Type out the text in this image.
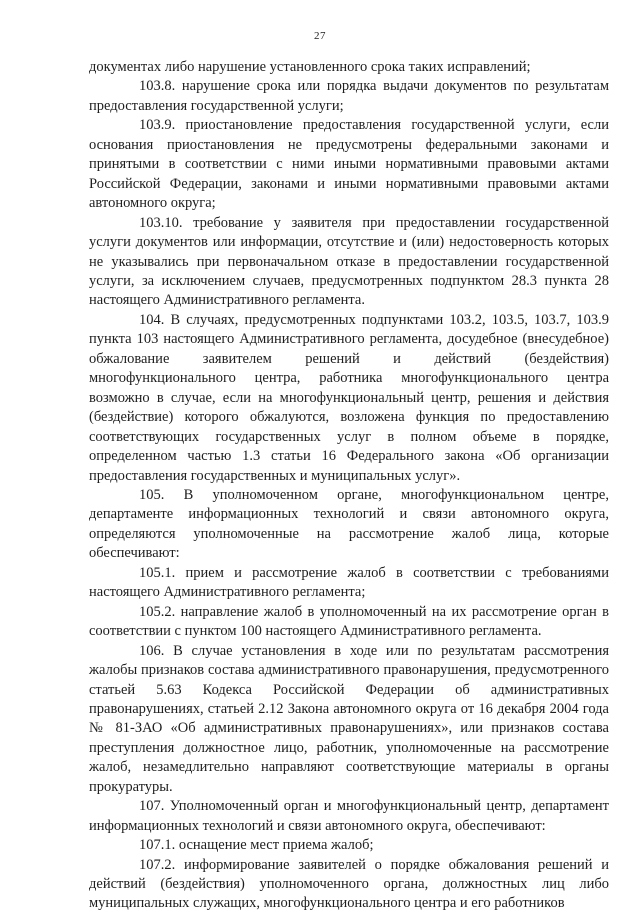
27

документах либо нарушение установленного срока таких исправлений;

103.8. нарушение срока или порядка выдачи документов по результатам предоставления государственной услуги;

103.9. приостановление предоставления государственной услуги, если основания приостановления не предусмотрены федеральными законами и принятыми в соответствии с ними иными нормативными правовыми актами Российской Федерации, законами и иными нормативными правовыми актами автономного округа;

103.10. требование у заявителя при предоставлении государственной услуги документов или информации, отсутствие и (или) недостоверность которых не указывались при первоначальном отказе в предоставлении государственной услуги, за исключением случаев, предусмотренных подпунктом 28.3 пункта 28 настоящего Административного регламента.

104. В случаях, предусмотренных подпунктами 103.2, 103.5, 103.7, 103.9 пункта 103 настоящего Административного регламента, досудебное (внесудебное) обжалование заявителем решений и действий (бездействия) многофункционального центра, работника многофункционального центра возможно в случае, если на многофункциональный центр, решения и действия (бездействие) которого обжалуются, возложена функция по предоставлению соответствующих государственных услуг в полном объеме в порядке, определенном частью 1.3 статьи 16 Федерального закона «Об организации предоставления государственных и муниципальных услуг».

105. В уполномоченном органе, многофункциональном центре, департаменте информационных технологий и связи автономного округа, определяются уполномоченные на рассмотрение жалоб лица, которые обеспечивают:

105.1. прием и рассмотрение жалоб в соответствии с требованиями настоящего Административного регламента;

105.2. направление жалоб в уполномоченный на их рассмотрение орган в соответствии с пунктом 100 настоящего Административного регламента.

106. В случае установления в ходе или по результатам рассмотрения жалобы признаков состава административного правонарушения, предусмотренного статьей 5.63 Кодекса Российской Федерации об административных правонарушениях, статьей 2.12 Закона автономного округа от 16 декабря 2004 года № 81-ЗАО «Об административных правонарушениях», или признаков состава преступления должностное лицо, работник, уполномоченные на рассмотрение жалоб, незамедлительно направляют соответствующие материалы в органы прокуратуры.

107. Уполномоченный орган и многофункциональный центр, департамент информационных технологий и связи автономного округа, обеспечивают:

107.1. оснащение мест приема жалоб;

107.2. информирование заявителей о порядке обжалования решений и действий (бездействия) уполномоченного органа, должностных лиц либо муниципальных служащих, многофункционального центра и его работников
